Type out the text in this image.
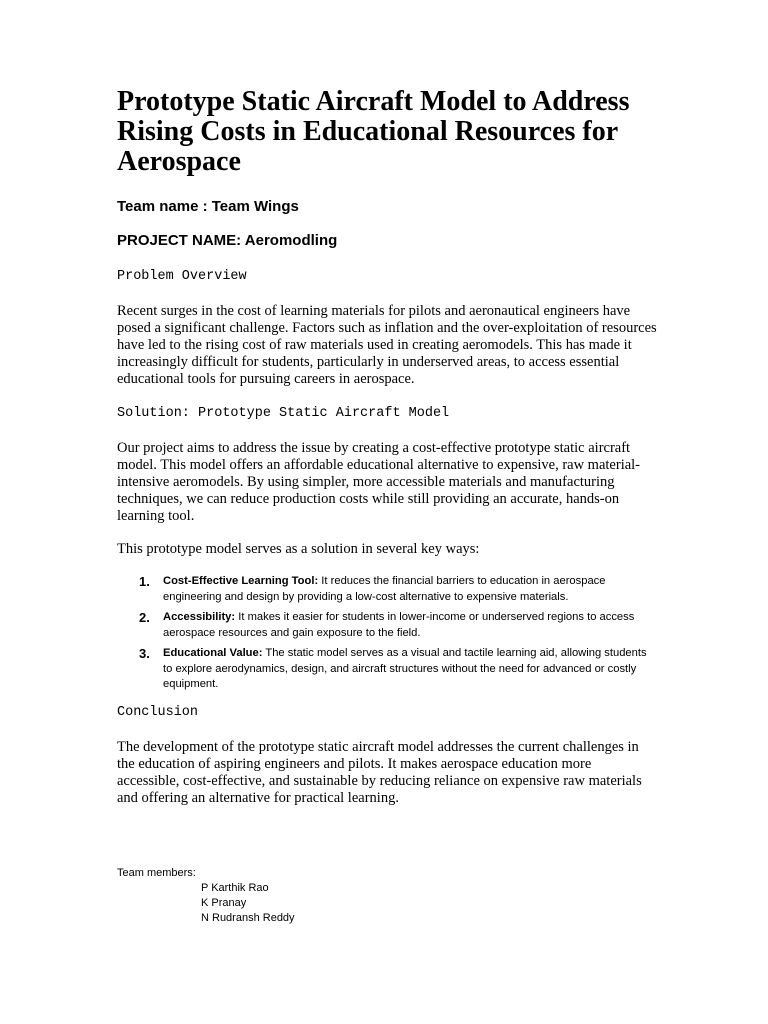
Prototype Static Aircraft Model to Address Rising Costs in Educational Resources for Aerospace

Team name : Team Wings

PROJECT NAME: Aeromodling

Problem Overview

Recent surges in the cost of learning materials for pilots and aeronautical engineers have posed a significant challenge. Factors such as inflation and the over-exploitation of resources have led to the rising cost of raw materials used in creating aeromodels. This has made it increasingly difficult for students, particularly in underserved areas, to access essential educational tools for pursuing careers in aerospace.

Solution: Prototype Static Aircraft Model

Our project aims to address the issue by creating a cost-effective prototype static aircraft model. This model offers an affordable educational alternative to expensive, raw material-intensive aeromodels. By using simpler, more accessible materials and manufacturing techniques, we can reduce production costs while still providing an accurate, hands-on learning tool.

This prototype model serves as a solution in several key ways:

1. Cost-Effective Learning Tool: It reduces the financial barriers to education in aerospace engineering and design by providing a low-cost alternative to expensive materials.
2. Accessibility: It makes it easier for students in lower-income or underserved regions to access aerospace resources and gain exposure to the field.
3. Educational Value: The static model serves as a visual and tactile learning aid, allowing students to explore aerodynamics, design, and aircraft structures without the need for advanced or costly equipment.

Conclusion

The development of the prototype static aircraft model addresses the current challenges in the education of aspiring engineers and pilots. It makes aerospace education more accessible, cost-effective, and sustainable by reducing reliance on expensive raw materials and offering an alternative for practical learning.

Team members:

P Karthik Rao

K Pranay

N Rudransh Reddy
